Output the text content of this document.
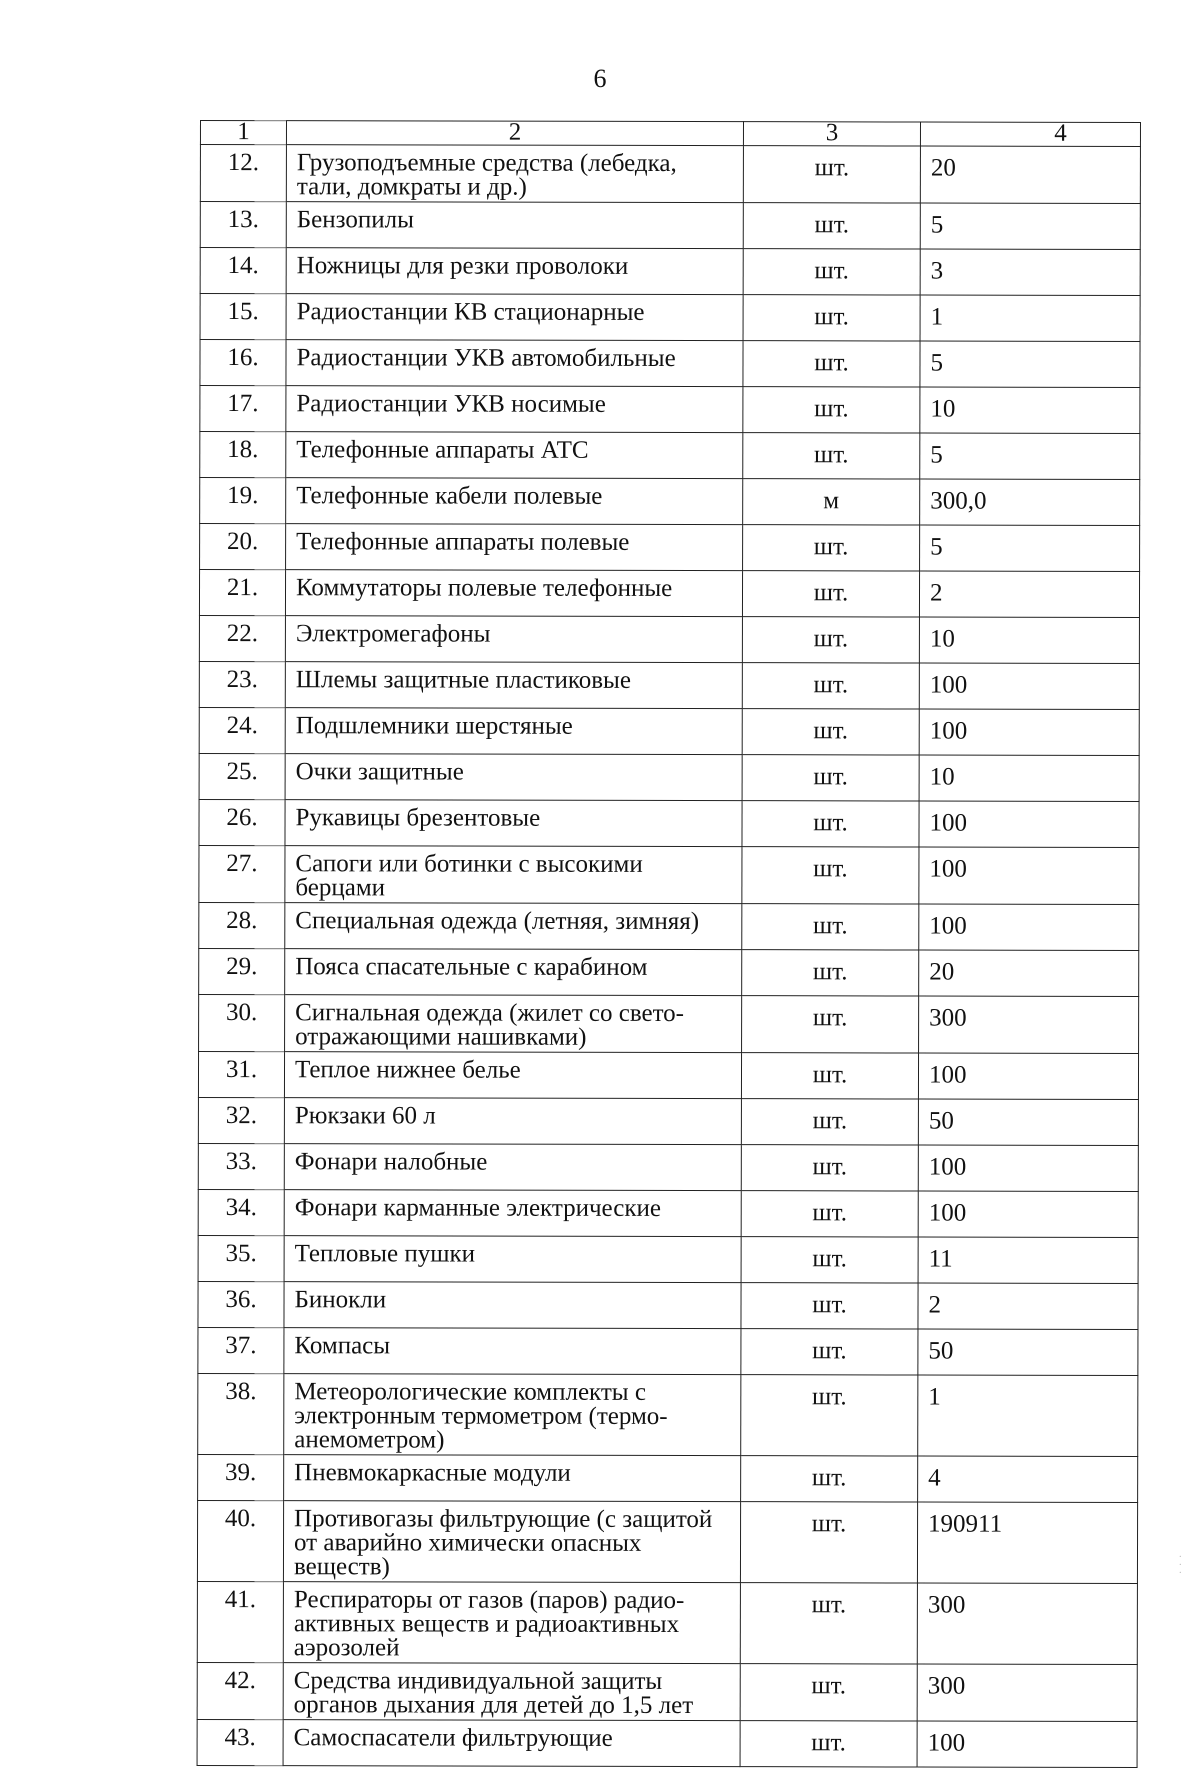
6
1	2	3	4
12.	Грузоподъемные средства (лебедка, тали, домкраты и др.)	шт.	20
13.	Бензопилы	шт.	5
14.	Ножницы для резки проволоки	шт.	3
15.	Радиостанции КВ стационарные	шт.	1
16.	Радиостанции УКВ автомобильные	шт.	5
17.	Радиостанции УКВ носимые	шт.	10
18.	Телефонные аппараты АТС	шт.	5
19.	Телефонные кабели полевые	м	300,0
20.	Телефонные аппараты полевые	шт.	5
21.	Коммутаторы полевые телефонные	шт.	2
22.	Электромегафоны	шт.	10
23.	Шлемы защитные пластиковые	шт.	100
24.	Подшлемники шерстяные	шт.	100
25.	Очки защитные	шт.	10
26.	Рукавицы брезентовые	шт.	100
27.	Сапоги или ботинки с высокими берцами	шт.	100
28.	Специальная одежда (летняя, зимняя)	шт.	100
29.	Пояса спасательные с карабином	шт.	20
30.	Сигнальная одежда (жилет со свето-отражающими нашивками)	шт.	300
31.	Теплое нижнее белье	шт.	100
32.	Рюкзаки 60 л	шт.	50
33.	Фонари налобные	шт.	100
34.	Фонари карманные электрические	шт.	100
35.	Тепловые пушки	шт.	11
36.	Бинокли	шт.	2
37.	Компасы	шт.	50
38.	Метеорологические комплекты с электронным термометром (термо-анемометром)	шт.	1
39.	Пневмокаркасные модули	шт.	4
40.	Противогазы фильтрующие (с защитой от аварийно химически опасных веществ)	шт.	190911
41.	Респираторы от газов (паров) радио-активных веществ и радиоактивных аэрозолей	шт.	300
42.	Средства индивидуальной защиты органов дыхания для детей до 1,5 лет	шт.	300
43.	Самоспасатели фильтрующие	шт.	100
·
·
·
